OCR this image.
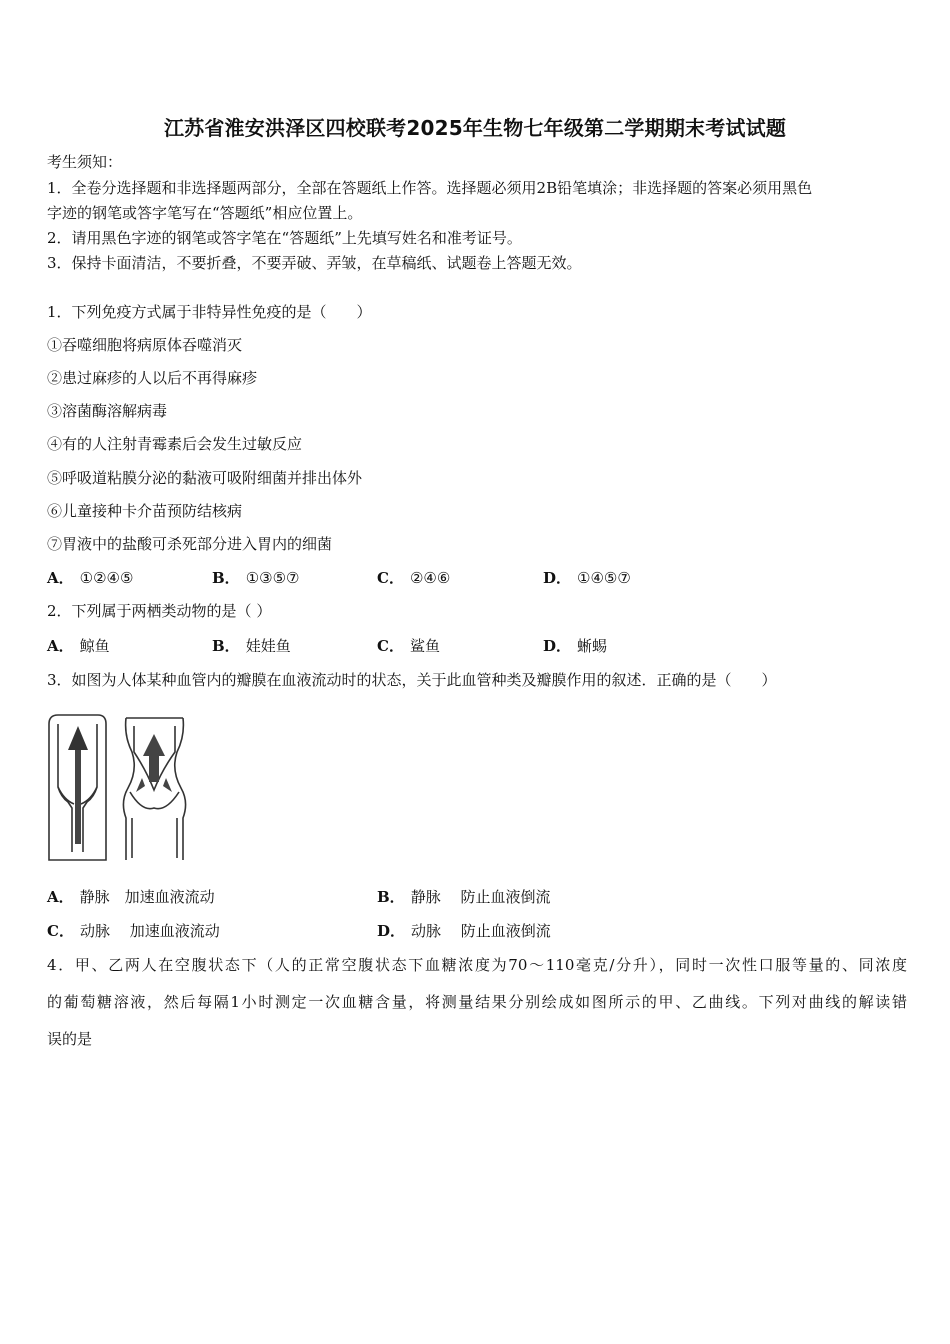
江苏省淮安洪泽区四校联考2025年生物七年级第二学期期末考试试题
考生须知：
1．全卷分选择题和非选择题两部分，全部在答题纸上作答。选择题必须用2B铅笔填涂；非选择题的答案必须用黑色
字迹的钢笔或答字笔写在“答题纸”相应位置上。
2．请用黑色字迹的钢笔或答字笔在“答题纸”上先填写姓名和准考证号。
3．保持卡面清洁，不要折叠，不要弄破、弄皱，在草稿纸、试题卷上答题无效。
1．下列免疫方式属于非特异性免疫的是（　　）
①吞噬细胞将病原体吞噬消灭
②患过麻疹的人以后不再得麻疹
③溶菌酶溶解病毒
④有的人注射青霉素后会发生过敏反应
⑤呼吸道粘膜分泌的黏液可吸附细菌并排出体外
⑥儿童接种卡介苗预防结核病
⑦胃液中的盐酸可杀死部分进入胃内的细菌
A． ①②④⑤	B． ①③⑤⑦	C． ②④⑥	D． ①④⑤⑦
2．下列属于两栖类动物的是（ ）
A． 鲸鱼	B． 娃娃鱼	C． 鲨鱼	D． 蜥蜴
3．如图为人体某种血管内的瓣膜在血液流动时的状态，关于此血管种类及瓣膜作用的叙述．正确的是（　　）
A． 静脉　加速血液流动	B． 静脉　 防止血液倒流
C． 动脉　 加速血液流动	D． 动脉　 防止血液倒流
4．甲、乙两人在空腹状态下（人的正常空腹状态下血糖浓度为70～110毫克/分升），同时一次性口服等量的、同浓度
的葡萄糖溶液，然后每隔1小时测定一次血糖含量，将测量结果分别绘成如图所示的甲、乙曲线。下列对曲线的解读错
误的是
